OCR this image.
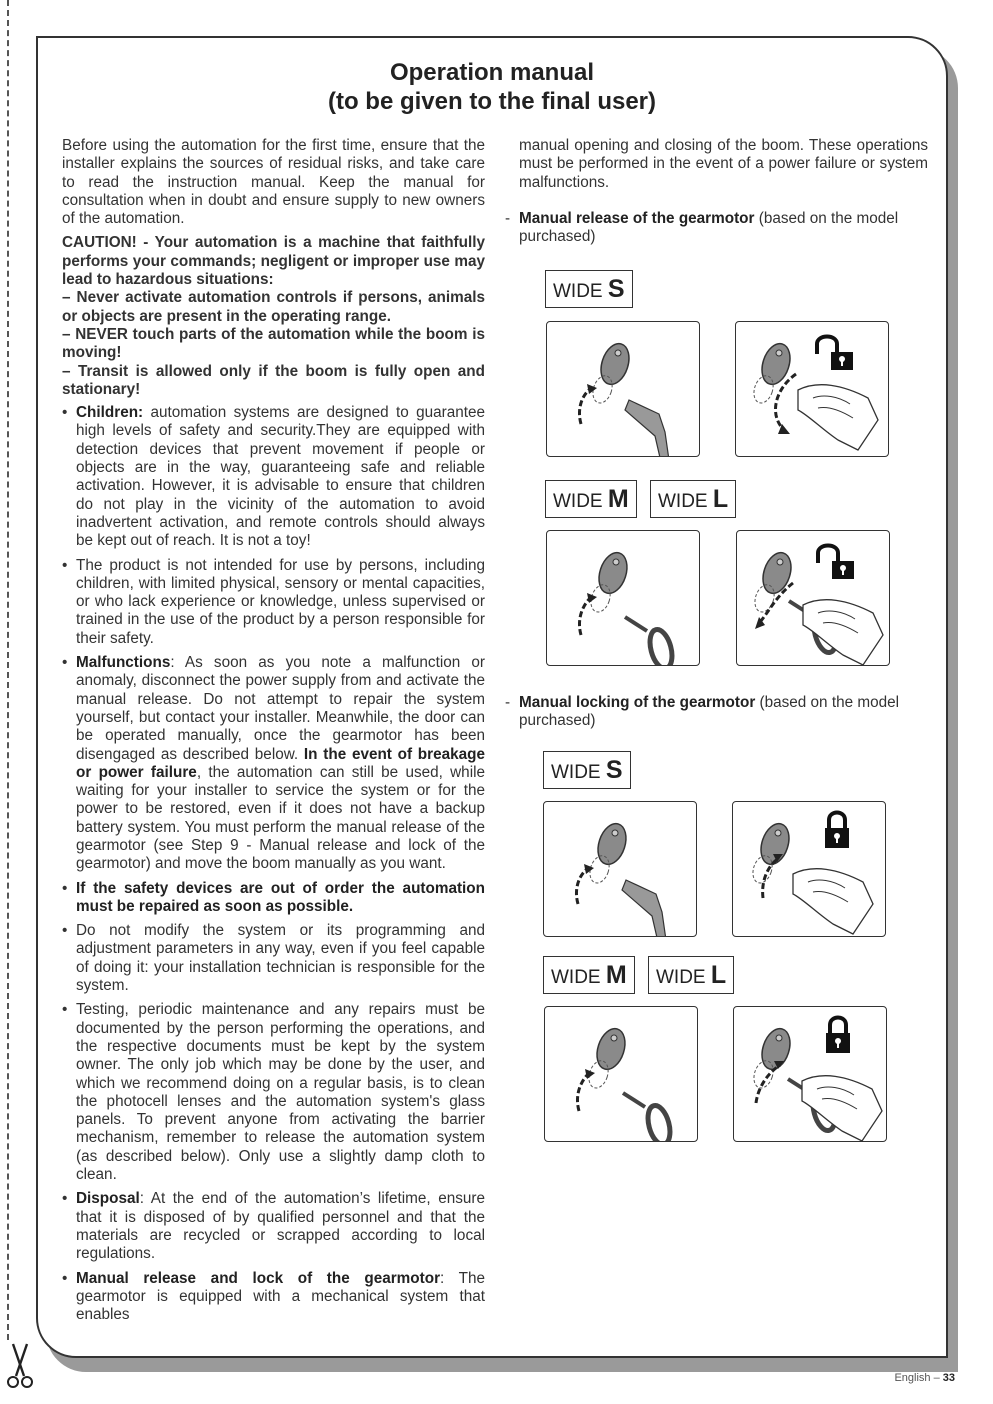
Operation manual
(to be given to the final user)

Before using the automation for the first time, ensure that the installer explains the sources of residual risks, and take care to read the instruction manual. Keep the manual for consultation when in doubt and ensure supply to new owners of the automation.

CAUTION! - Your automation is a machine that faithfully performs your commands; negligent or improper use may lead to hazardous situations:
– Never activate automation controls if persons, animals or objects are present in the operating range.
– NEVER touch parts of the automation while the boom is moving!
– Transit is allowed only if the boom is fully open and stationary!
• Children: automation systems are designed to guarantee high levels of safety and security.They are equipped with detection devices that prevent movement if people or objects are in the way, guaranteeing safe and reliable activation. However, it is advisable to ensure that children do not play in the vicinity of the automation to avoid inadvertent activation, and remote controls should always be kept out of reach. It is not a toy!
• The product is not intended for use by persons, including children, with limited physical, sensory or mental capacities, or who lack experience or knowledge, unless supervised or trained in the use of the product by a person responsible for their safety.
• Malfunctions: As soon as you note a malfunction or anomaly, disconnect the power supply from and activate the manual release. Do not attempt to repair the system yourself, but contact your installer. Meanwhile, the door can be operated manually, once the gearmotor has been disengaged as described below. In the event of breakage or power failure, the automation can still be used, while waiting for your installer to service the system or for the power to be restored, even if it does not have a backup battery system. You must perform the manual release of the gearmotor (see Step 9 - Manual release and lock of the gearmotor) and move the boom manually as you want.
• If the safety devices are out of order the automation must be repaired as soon as possible.
• Do not modify the system or its programming and adjustment parameters in any way, even if you feel capable of doing it: your installation technician is responsible for the system.
• Testing, periodic maintenance and any repairs must be documented by the person performing the operations, and the respective documents must be kept by the system owner. The only job which may be done by the user, and which we recommend doing on a regular basis, is to clean the photocell lenses and the automation system's glass panels. To prevent anyone from activating the barrier mechanism, remember to release the automation system (as described below). Only use a slightly damp cloth to clean.
• Disposal: At the end of the automation’s lifetime, ensure that it is disposed of by qualified personnel and that the materials are recycled or scrapped according to local regulations.
• Manual release and lock of the gearmotor: The gearmotor is equipped with a mechanical system that enables

manual opening and closing of the boom. These operations must be performed in the event of a power failure or system malfunctions.

- Manual release of the gearmotor (based on the model purchased)
- Manual locking of the gearmotor (based on the model purchased)
WIDE S
WIDE M	WIDE L
WIDE S
WIDE M	WIDE L
English – 33
